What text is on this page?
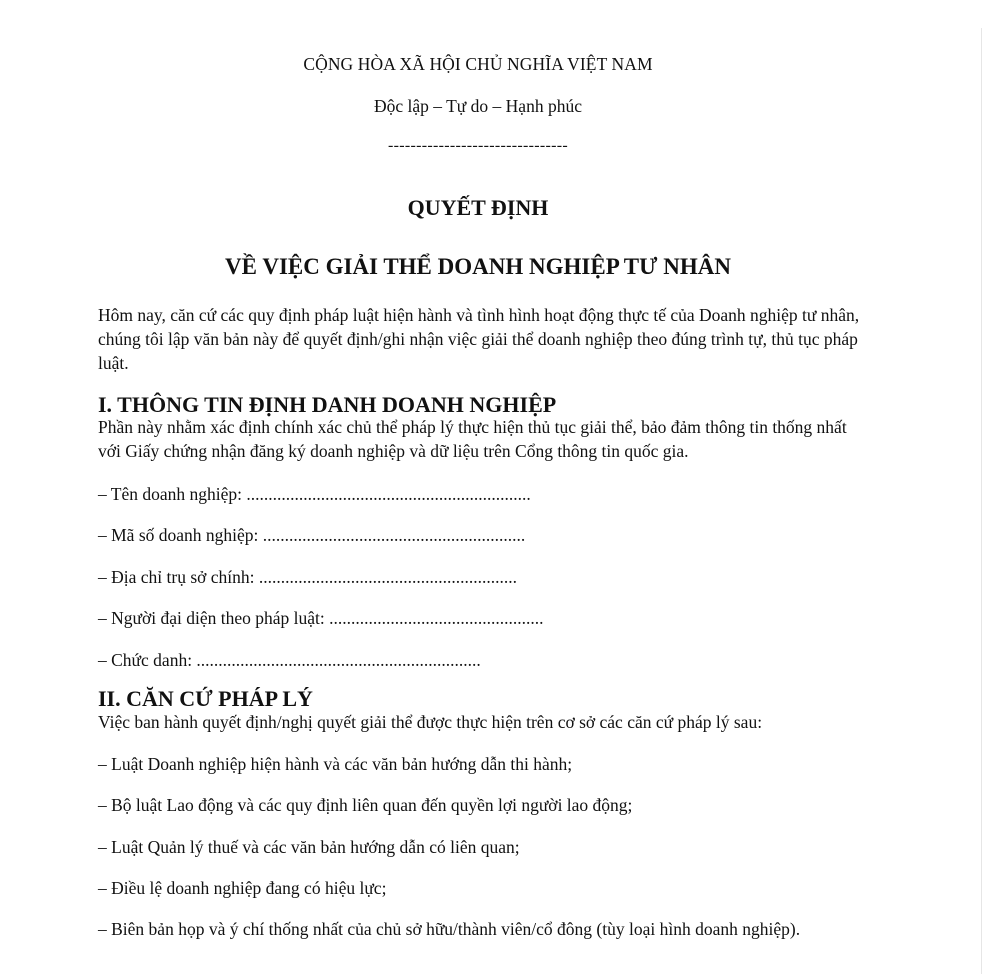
CỘNG HÒA XÃ HỘI CHỦ NGHĨA VIỆT NAM
Độc lập – Tự do – Hạnh phúc
--------------------------------
QUYẾT ĐỊNH
VỀ VIỆC GIẢI THỂ DOANH NGHIỆP TƯ NHÂN
Hôm nay, căn cứ các quy định pháp luật hiện hành và tình hình hoạt động thực tế của Doanh nghiệp tư nhân, chúng tôi lập văn bản này để quyết định/ghi nhận việc giải thể doanh nghiệp theo đúng trình tự, thủ tục pháp luật.
I. THÔNG TIN ĐỊNH DANH DOANH NGHIỆP
Phần này nhằm xác định chính xác chủ thể pháp lý thực hiện thủ tục giải thể, bảo đảm thông tin thống nhất với Giấy chứng nhận đăng ký doanh nghiệp và dữ liệu trên Cổng thông tin quốc gia.
– Tên doanh nghiệp: .................................................................
– Mã số doanh nghiệp: ............................................................
– Địa chỉ trụ sở chính: ...........................................................
– Người đại diện theo pháp luật: .................................................
– Chức danh: .................................................................
II. CĂN CỨ PHÁP LÝ
Việc ban hành quyết định/nghị quyết giải thể được thực hiện trên cơ sở các căn cứ pháp lý sau:
– Luật Doanh nghiệp hiện hành và các văn bản hướng dẫn thi hành;
– Bộ luật Lao động và các quy định liên quan đến quyền lợi người lao động;
– Luật Quản lý thuế và các văn bản hướng dẫn có liên quan;
– Điều lệ doanh nghiệp đang có hiệu lực;
– Biên bản họp và ý chí thống nhất của chủ sở hữu/thành viên/cổ đông (tùy loại hình doanh nghiệp).
